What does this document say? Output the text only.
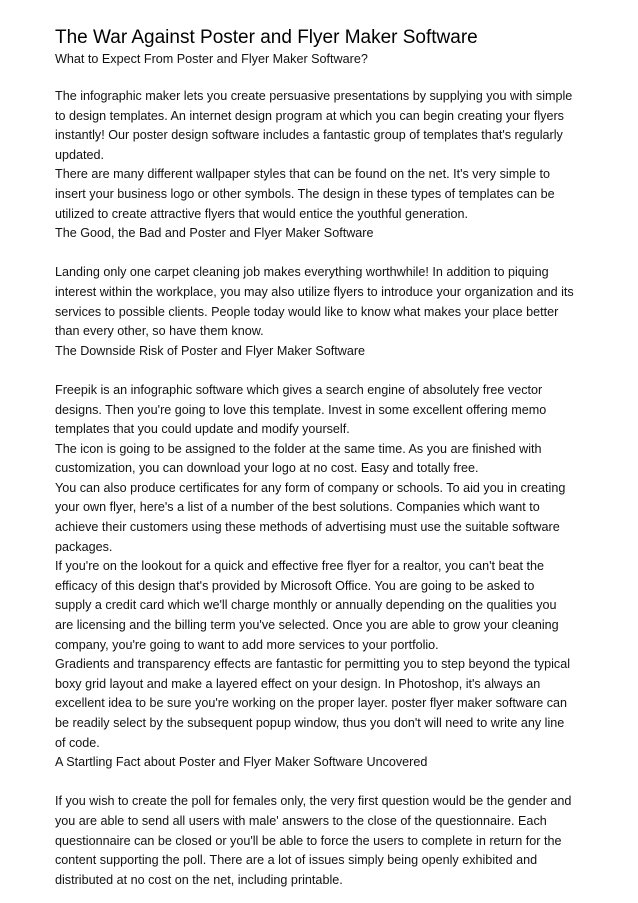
The War Against Poster and Flyer Maker Software
What to Expect From Poster and Flyer Maker Software?
The infographic maker lets you create persuasive presentations by supplying you with simple
to design templates. An internet design program at which you can begin creating your flyers
instantly! Our poster design software includes a fantastic group of templates that's regularly
updated.
There are many different wallpaper styles that can be found on the net. It's very simple to
insert your business logo or other symbols. The design in these types of templates can be
utilized to create attractive flyers that would entice the youthful generation.
The Good, the Bad and Poster and Flyer Maker Software
Landing only one carpet cleaning job makes everything worthwhile! In addition to piquing
interest within the workplace, you may also utilize flyers to introduce your organization and its
services to possible clients. People today would like to know what makes your place better
than every other, so have them know.
The Downside Risk of Poster and Flyer Maker Software
Freepik is an infographic software which gives a search engine of absolutely free vector
designs. Then you're going to love this template. Invest in some excellent offering memo
templates that you could update and modify yourself.
The icon is going to be assigned to the folder at the same time. As you are finished with
customization, you can download your logo at no cost. Easy and totally free.
You can also produce certificates for any form of company or schools. To aid you in creating
your own flyer, here's a list of a number of the best solutions. Companies which want to
achieve their customers using these methods of advertising must use the suitable software
packages.
If you're on the lookout for a quick and effective free flyer for a realtor, you can't beat the
efficacy of this design that's provided by Microsoft Office. You are going to be asked to
supply a credit card which we'll charge monthly or annually depending on the qualities you
are licensing and the billing term you've selected. Once you are able to grow your cleaning
company, you're going to want to add more services to your portfolio.
Gradients and transparency effects are fantastic for permitting you to step beyond the typical
boxy grid layout and make a layered effect on your design. In Photoshop, it's always an
excellent idea to be sure you're working on the proper layer. poster flyer maker software can
be readily select by the subsequent popup window, thus you don't will need to write any line
of code.
A Startling Fact about Poster and Flyer Maker Software Uncovered
If you wish to create the poll for females only, the very first question would be the gender and
you are able to send all users with male' answers to the close of the questionnaire. Each
questionnaire can be closed or you'll be able to force the users to complete in return for the
content supporting the poll. There are a lot of issues simply being openly exhibited and
distributed at no cost on the net, including printable.
